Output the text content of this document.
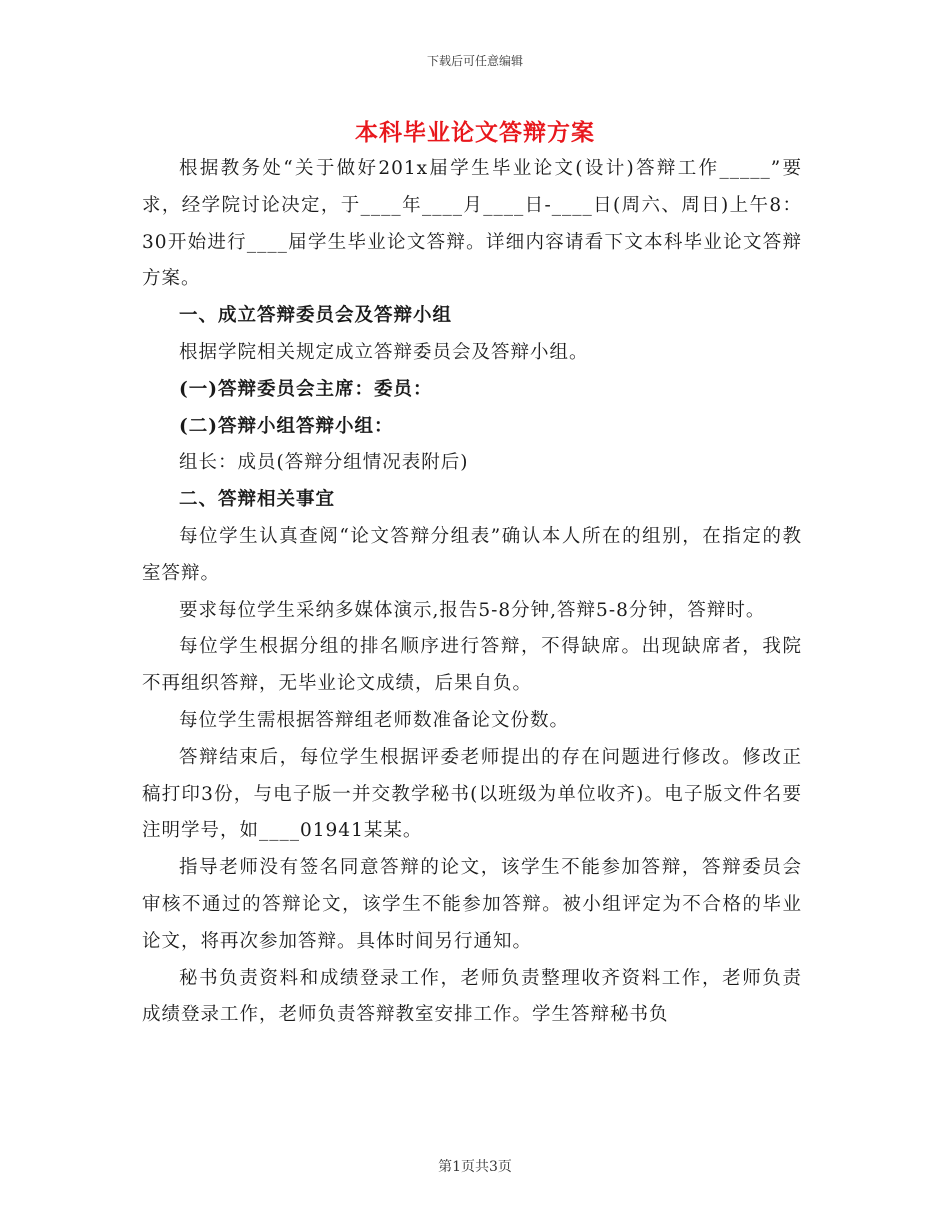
下载后可任意编辑
本科毕业论文答辩方案

根据教务处“关于做好201x届学生毕业论文(设计)答辩工作_____”要求，经学院讨论决定，于____年____月____日-____日(周六、周日)上午8：30开始进行____届学生毕业论文答辩。详细内容请看下文本科毕业论文答辩方案。

一、成立答辩委员会及答辩小组

根据学院相关规定成立答辩委员会及答辩小组。

(一)答辩委员会主席：委员：

(二)答辩小组答辩小组：

组长：成员(答辩分组情况表附后)

二、答辩相关事宜

每位学生认真查阅“论文答辩分组表”确认本人所在的组别，在指定的教室答辩。

要求每位学生采纳多媒体演示,报告5-8分钟,答辩5-8分钟，答辩时。

每位学生根据分组的排名顺序进行答辩，不得缺席。出现缺席者，我院不再组织答辩，无毕业论文成绩，后果自负。

每位学生需根据答辩组老师数准备论文份数。

答辩结束后，每位学生根据评委老师提出的存在问题进行修改。修改正稿打印3份，与电子版一并交教学秘书(以班级为单位收齐)。电子版文件名要注明学号，如____01941某某。

指导老师没有签名同意答辩的论文，该学生不能参加答辩，答辩委员会审核不通过的答辩论文，该学生不能参加答辩。被小组评定为不合格的毕业论文，将再次参加答辩。具体时间另行通知。

秘书负责资料和成绩登录工作，老师负责整理收齐资料工作，老师负责成绩登录工作，老师负责答辩教室安排工作。学生答辩秘书负

第1页共3页
